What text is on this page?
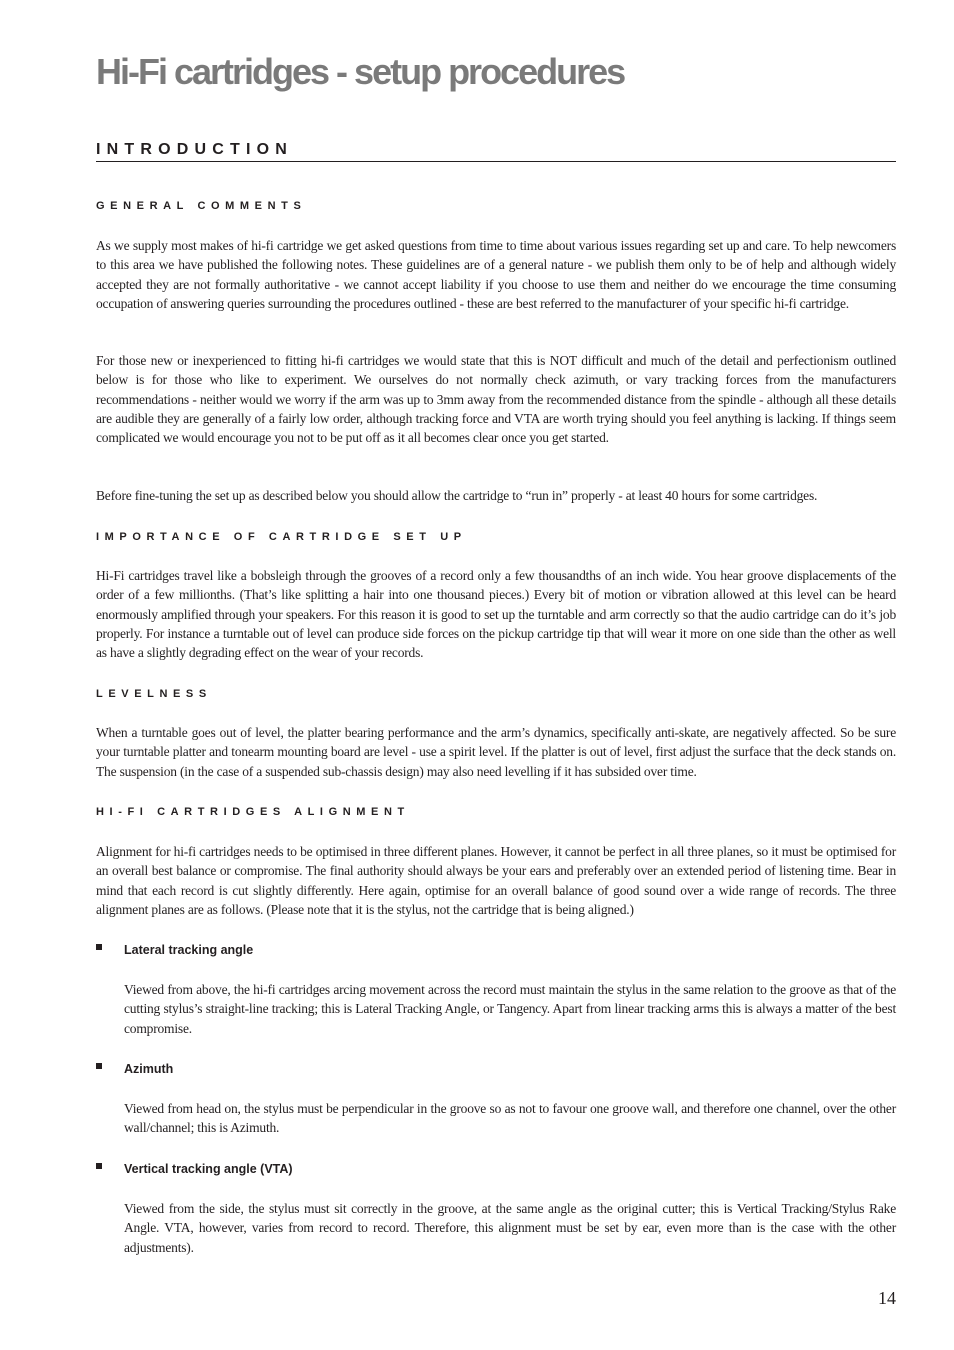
Hi-Fi cartridges - setup procedures
INTRODUCTION
GENERAL COMMENTS

As we supply most makes of hi-fi cartridge we get asked questions from time to time about various issues regarding set up and care. To help newcomers to this area we have published the following notes. These guidelines are of a general nature - we publish them only to be of help and although widely accepted they are not formally authoritative - we cannot accept liability if you choose to use them and neither do we encourage the time consuming occupation of answering queries surrounding the procedures outlined - these are best referred to the manufacturer of your specific hi-fi cartridge.

For those new or inexperienced to fitting hi-fi cartridges we would state that this is NOT difficult and much of the detail and perfectionism outlined below is for those who like to experiment. We ourselves do not normally check azimuth, or vary tracking forces from the manufacturers recommendations - neither would we worry if the arm was up to 3mm away from the recommended distance from the spindle - although all these details are audible they are generally of a fairly low order, although tracking force and VTA are worth trying should you feel anything is lacking. If things seem complicated we would encourage you not to be put off as it all becomes clear once you get started.

Before fine-tuning the set up as described below you should allow the cartridge to “run in” properly - at least 40 hours for some cartridges.

IMPORTANCE OF CARTRIDGE SET UP

Hi-Fi cartridges travel like a bobsleigh through the grooves of a record only a few thousandths of an inch wide. You hear groove displacements of the order of a few millionths. (That’s like splitting a hair into one thousand pieces.) Every bit of motion or vibration allowed at this level can be heard enormously amplified through your speakers. For this reason it is good to set up the turntable and arm correctly so that the audio cartridge can do it’s job properly. For instance a turntable out of level can produce side forces on the pickup cartridge tip that will wear it more on one side than the other as well as have a slightly degrading effect on the wear of your records.

LEVELNESS

When a turntable goes out of level, the platter bearing performance and the arm’s dynamics, specifically anti-skate, are negatively affected. So be sure your turntable platter and tonearm mounting board are level - use a spirit level. If the platter is out of level, first adjust the surface that the deck stands on. The suspension (in the case of a suspended sub-chassis design) may also need levelling if it has subsided over time.

HI-FI CARTRIDGES ALIGNMENT

Alignment for hi-fi cartridges needs to be optimised in three different planes. However, it cannot be perfect in all three planes, so it must be optimised for an overall best balance or compromise. The final authority should always be your ears and preferably over an extended period of listening time. Bear in mind that each record is cut slightly differently. Here again, optimise for an overall balance of good sound over a wide range of records. The three alignment planes are as follows. (Please note that it is the stylus, not the cartridge that is being aligned.)

Lateral tracking angle

Viewed from above, the hi-fi cartridges arcing movement across the record must maintain the stylus in the same relation to the groove as that of the cutting stylus’s straight-line tracking; this is Lateral Tracking Angle, or Tangency. Apart from linear tracking arms this is always a matter of the best compromise.

Azimuth

Viewed from head on, the stylus must be perpendicular in the groove so as not to favour one groove wall, and therefore one channel, over the other wall/channel; this is Azimuth.

Vertical tracking angle (VTA)

Viewed from the side, the stylus must sit correctly in the groove, at the same angle as the original cutter; this is Vertical Tracking/Stylus Rake Angle. VTA, however, varies from record to record. Therefore, this alignment must be set by ear, even more than is the case with the other adjustments).

14
